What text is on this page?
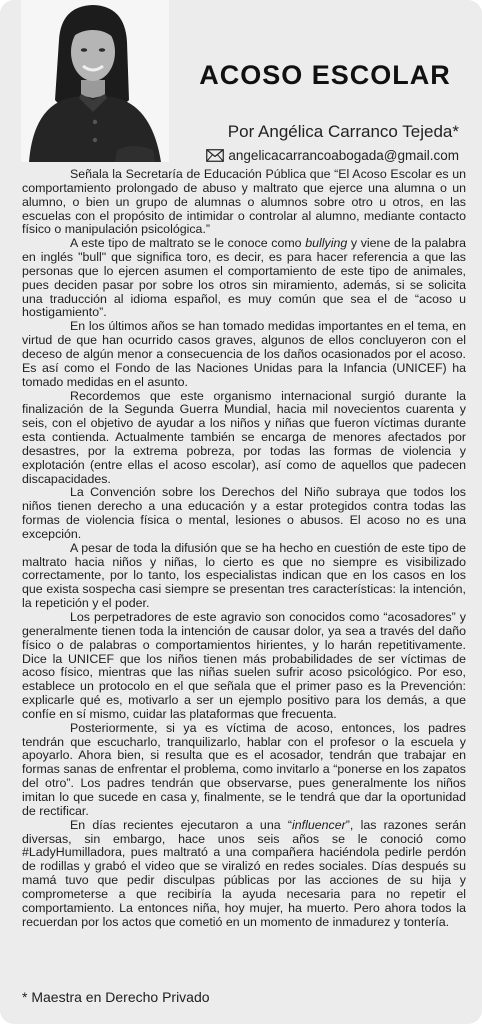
ACOSO ESCOLAR
Por Angélica Carranco Tejeda*
angelicacarrancoabogada@gmail.com

Señala la Secretaría de Educación Pública que “El Acoso Escolar es un comportamiento prolongado de abuso y maltrato que ejerce una alumna o un alumno, o bien un grupo de alumnas o alumnos sobre otro u otros, en las escuelas con el propósito de intimidar o controlar al alumno, mediante contacto físico o manipulación psicológica.”

A este tipo de maltrato se le conoce como bullying y viene de la palabra en inglés "bull" que significa toro, es decir, es para hacer referencia a que las personas que lo ejercen asumen el comportamiento de este tipo de animales, pues deciden pasar por sobre los otros sin miramiento, además, si se solicita una traducción al idioma español, es muy común que sea el de “acoso u hostigamiento”.

En los últimos años se han tomado medidas importantes en el tema, en virtud de que han ocurrido casos graves, algunos de ellos concluyeron con el deceso de algún menor a consecuencia de los daños ocasionados por el acoso. Es así como el Fondo de las Naciones Unidas para la Infancia (UNICEF) ha tomado medidas en el asunto.

Recordemos que este organismo internacional surgió durante la finalización de la Segunda Guerra Mundial, hacia mil novecientos cuarenta y seis, con el objetivo de ayudar a los niños y niñas que fueron víctimas durante esta contienda. Actualmente también se encarga de menores afectados por desastres, por la extrema pobreza, por todas las formas de violencia y explotación (entre ellas el acoso escolar), así como de aquellos que padecen discapacidades.

La Convención sobre los Derechos del Niño subraya que todos los niños tienen derecho a una educación y a estar protegidos contra todas las formas de violencia física o mental, lesiones o abusos. El acoso no es una excepción.

A pesar de toda la difusión que se ha hecho en cuestión de este tipo de maltrato hacia niños y niñas, lo cierto es que no siempre es visibilizado correctamente, por lo tanto, los especialistas indican que en los casos en los que exista sospecha casi siempre se presentan tres características: la intención, la repetición y el poder.

Los perpetradores de este agravio son conocidos como “acosadores” y generalmente tienen toda la intención de causar dolor, ya sea a través del daño físico o de palabras o comportamientos hirientes, y lo harán repetitivamente. Dice la UNICEF que los niños tienen más probabilidades de ser víctimas de acoso físico, mientras que las niñas suelen sufrir acoso psicológico. Por eso, establece un protocolo en el que señala que el primer paso es la Prevención: explicarle qué es, motivarlo a ser un ejemplo positivo para los demás, a que confíe en sí mismo, cuidar las plataformas que frecuenta.

Posteriormente, si ya es víctima de acoso, entonces, los padres tendrán que escucharlo, tranquilizarlo, hablar con el profesor o la escuela y apoyarlo. Ahora bien, si resulta que es el acosador, tendrán que trabajar en formas sanas de enfrentar el problema, como invitarlo a “ponerse en los zapatos del otro”. Los padres tendrán que observarse, pues generalmente los niños imitan lo que sucede en casa y, finalmente, se le tendrá que dar la oportunidad de rectificar.

En días recientes ejecutaron a una “influencer”, las razones serán diversas, sin embargo, hace unos seis años se le conoció como #LadyHumilladora, pues maltrató a una compañera haciéndola pedirle perdón de rodillas y grabó el video que se viralizó en redes sociales. Días después su mamá tuvo que pedir disculpas públicas por las acciones de su hija y comprometerse a que recibiría la ayuda necesaria para no repetir el comportamiento. La entonces niña, hoy mujer, ha muerto. Pero ahora todos la recuerdan por los actos que cometió en un momento de inmadurez y tontería.

* Maestra en Derecho Privado
